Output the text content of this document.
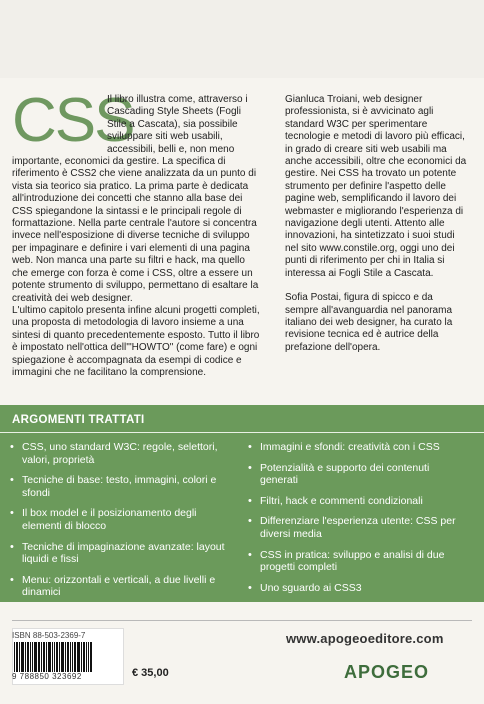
CSS

Il libro illustra come, attraverso i Cascading Style Sheets (Fogli Stile a Cascata), sia possibile sviluppare siti web usabili, accessibili, belli e, non meno importante, economici da gestire. La specifica di riferimento è CSS2 che viene analizzata da un punto di vista sia teorico sia pratico. La prima parte è dedicata all'introduzione dei concetti che stanno alla base dei CSS spiegandone la sintassi e le principali regole di formattazione. Nella parte centrale l'autore si concentra invece nell'esposizione di diverse tecniche di sviluppo per impaginare e definire i vari elementi di una pagina web. Non manca una parte su filtri e hack, ma quello che emerge con forza è come i CSS, oltre a essere un potente strumento di sviluppo, permettano di esaltare la creatività dei web designer.

L'ultimo capitolo presenta infine alcuni progetti completi, una proposta di metodologia di lavoro insieme a una sintesi di quanto precedentemente esposto. Tutto il libro è impostato nell'ottica dell'"HOWTO" (come fare) e ogni spiegazione è accompagnata da esempi di codice e immagini che ne facilitano la comprensione.

Gianluca Troiani, web designer professionista, si è avvicinato agli standard W3C per sperimentare tecnologie e metodi di lavoro più efficaci, in grado di creare siti web usabili ma anche accessibili, oltre che economici da gestire. Nei CSS ha trovato un potente strumento per definire l'aspetto delle pagine web, semplificando il lavoro dei webmaster e migliorando l'esperienza di navigazione degli utenti. Attento alle innovazioni, ha sintetizzato i suoi studi nel sito www.constile.org, oggi uno dei punti di riferimento per chi in Italia si interessa ai Fogli Stile a Cascata.

Sofia Postai, figura di spicco e da sempre all'avanguardia nel panorama italiano dei web designer, ha curato la revisione tecnica ed è autrice della prefazione dell'opera.

ARGOMENTI TRATTATI
• CSS, uno standard W3C: regole, selettori, valori, proprietà
• Tecniche di base: testo, immagini, colori e sfondi
• Il box model e il posizionamento degli elementi di blocco
• Tecniche di impaginazione avanzate: layout liquidi e fissi
• Menu: orizzontali e verticali, a due livelli e dinamici
• Immagini e sfondi: creatività con i CSS
• Potenzialità e supporto dei contenuti generati
• Filtri, hack e commenti condizionali
• Differenziare l'esperienza utente: CSS per diversi media
• CSS in pratica: sviluppo e analisi di due progetti completi
• Uno sguardo ai CSS3
ISBN 88-503-2369-7
9 788850 323692	€ 35,00
www.apogeoeditore.com
APOGEO
